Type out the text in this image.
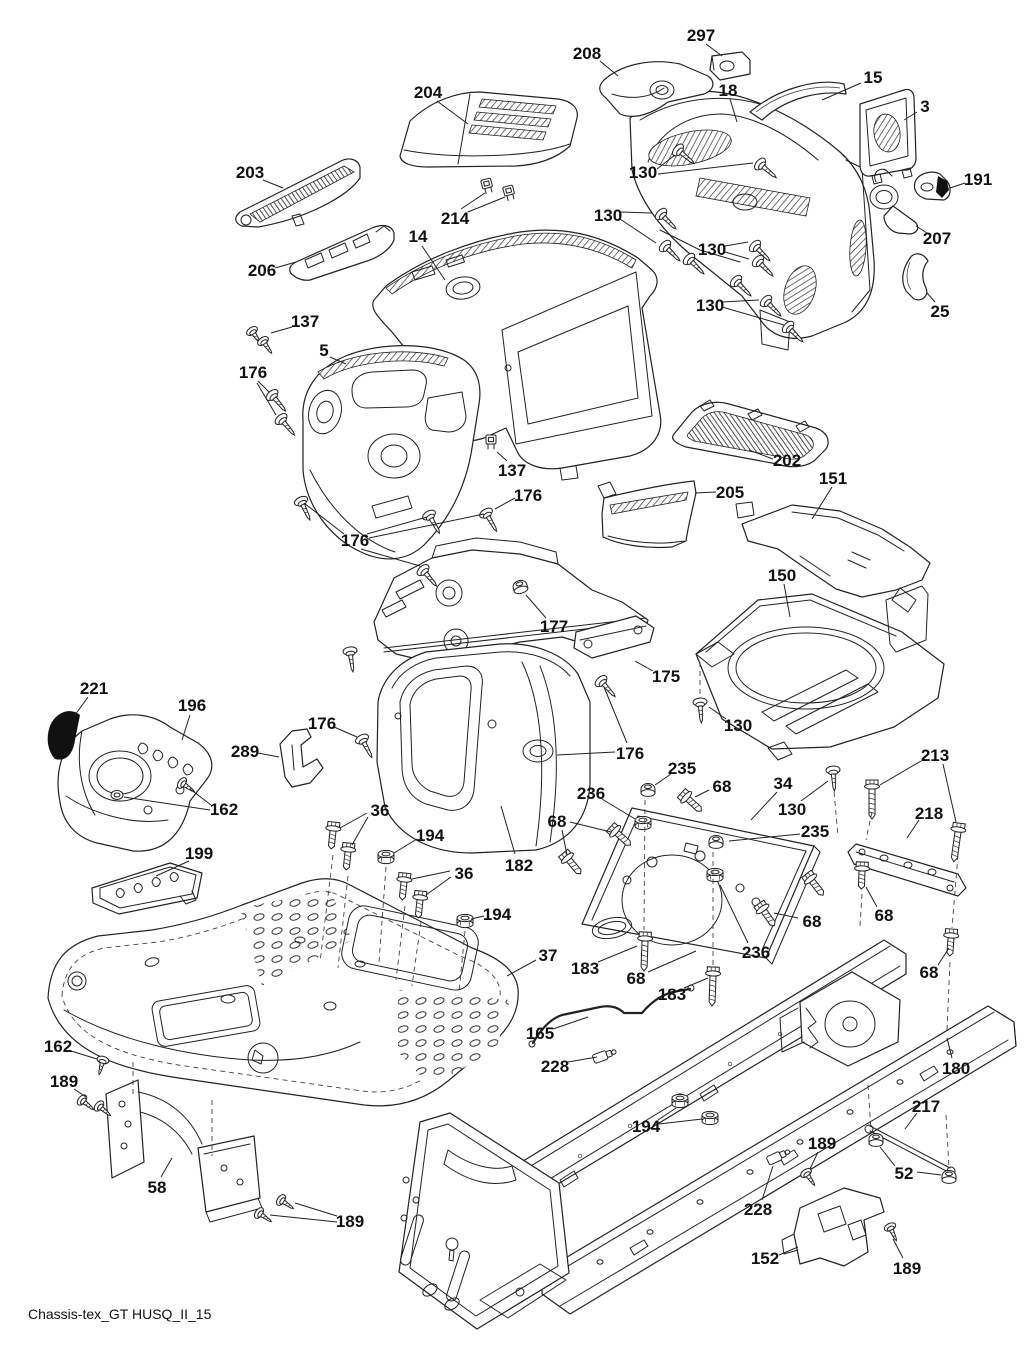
204
297
208
18
15
3
203
214
206
14
130
130
130
130
191
207
25
137
5
176
137
176
176
202
205
151
150
177
175
130
176
176
221
196
289
162
199
235
68 34
130
236
68
235
213
218
68
68
68
236
183
68
183
37
36
194
36 182
194
165
228
194
180
217
189
52
228
152
189
162
189
58
189
Chassis-tex_GT HUSQ_II_15
